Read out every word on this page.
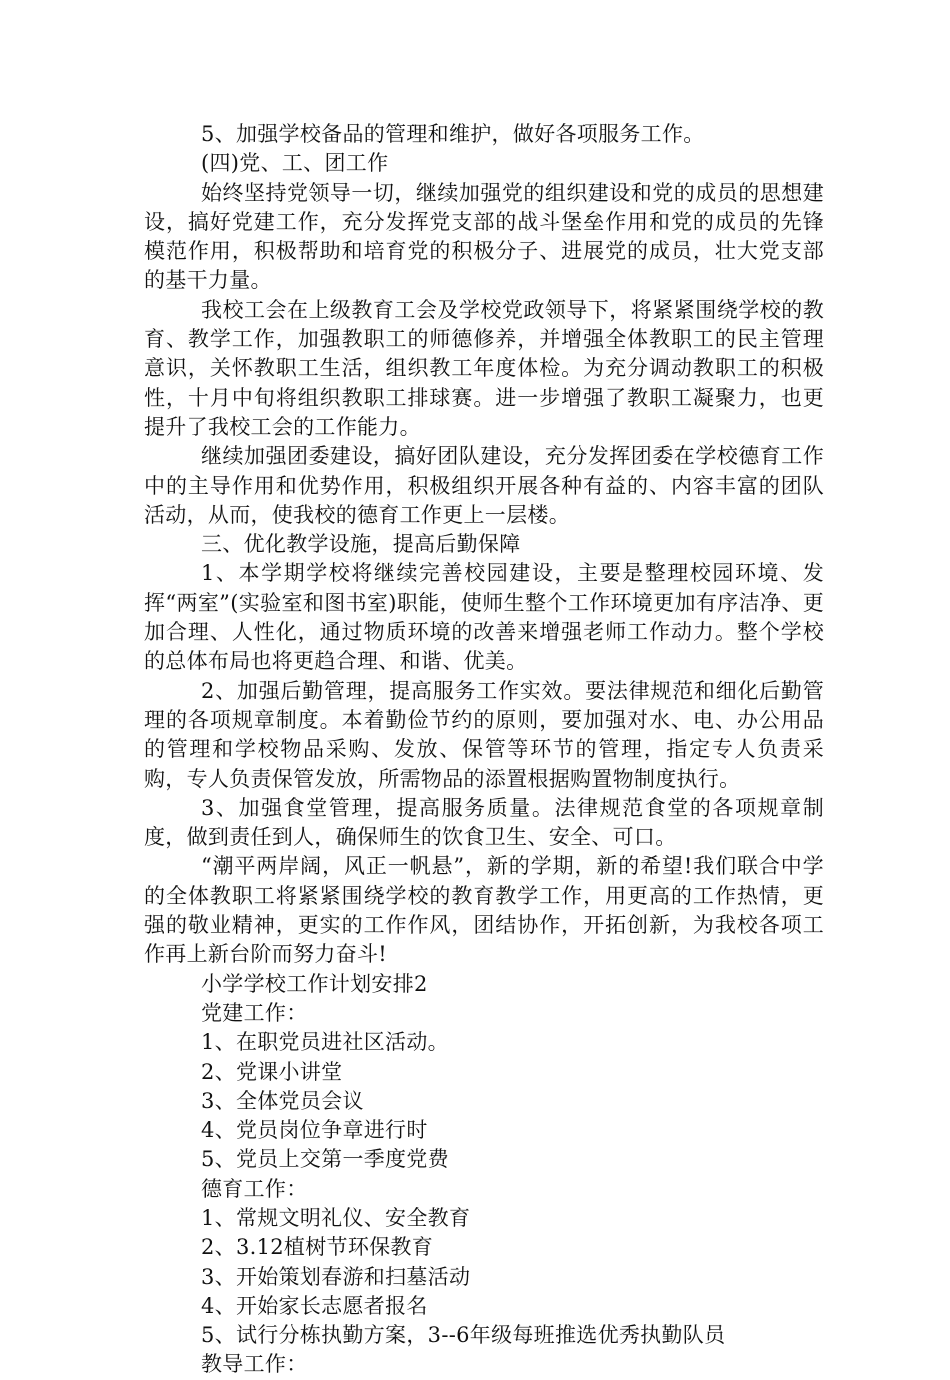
5、加强学校备品的管理和维护，做好各项服务工作。

(四)党、工、团工作

始终坚持党领导一切，继续加强党的组织建设和党的成员的思想建设，搞好党建工作，充分发挥党支部的战斗堡垒作用和党的成员的先锋模范作用，积极帮助和培育党的积极分子、进展党的成员，壮大党支部的基干力量。

我校工会在上级教育工会及学校党政领导下，将紧紧围绕学校的教育、教学工作，加强教职工的师德修养，并增强全体教职工的民主管理意识，关怀教职工生活，组织教工年度体检。为充分调动教职工的积极性，十月中旬将组织教职工排球赛。进一步增强了教职工凝聚力，也更提升了我校工会的工作能力。

继续加强团委建设，搞好团队建设，充分发挥团委在学校德育工作中的主导作用和优势作用，积极组织开展各种有益的、内容丰富的团队活动，从而，使我校的德育工作更上一层楼。

三、优化教学设施，提高后勤保障

1、本学期学校将继续完善校园建设，主要是整理校园环境、发挥“两室”(实验室和图书室)职能，使师生整个工作环境更加有序洁净、更加合理、人性化，通过物质环境的改善来增强老师工作动力。整个学校的总体布局也将更趋合理、和谐、优美。

2、加强后勤管理，提高服务工作实效。要法律规范和细化后勤管理的各项规章制度。本着勤俭节约的原则，要加强对水、电、办公用品的管理和学校物品采购、发放、保管等环节的管理，指定专人负责采购，专人负责保管发放，所需物品的添置根据购置物制度执行。

3、加强食堂管理，提高服务质量。法律规范食堂的各项规章制度，做到责任到人，确保师生的饮食卫生、安全、可口。

“潮平两岸阔，风正一帆悬”，新的学期，新的希望!我们联合中学的全体教职工将紧紧围绕学校的教育教学工作，用更高的工作热情，更强的敬业精神，更实的工作作风，团结协作，开拓创新，为我校各项工作再上新台阶而努力奋斗!

小学学校工作计划安排2

党建工作：

1、在职党员进社区活动。

2、党课小讲堂

3、全体党员会议

4、党员岗位争章进行时

5、党员上交第一季度党费

德育工作：

1、常规文明礼仪、安全教育

2、3.12植树节环保教育

3、开始策划春游和扫墓活动

4、开始家长志愿者报名

5、试行分栋执勤方案，3--6年级每班推选优秀执勤队员

教导工作：
